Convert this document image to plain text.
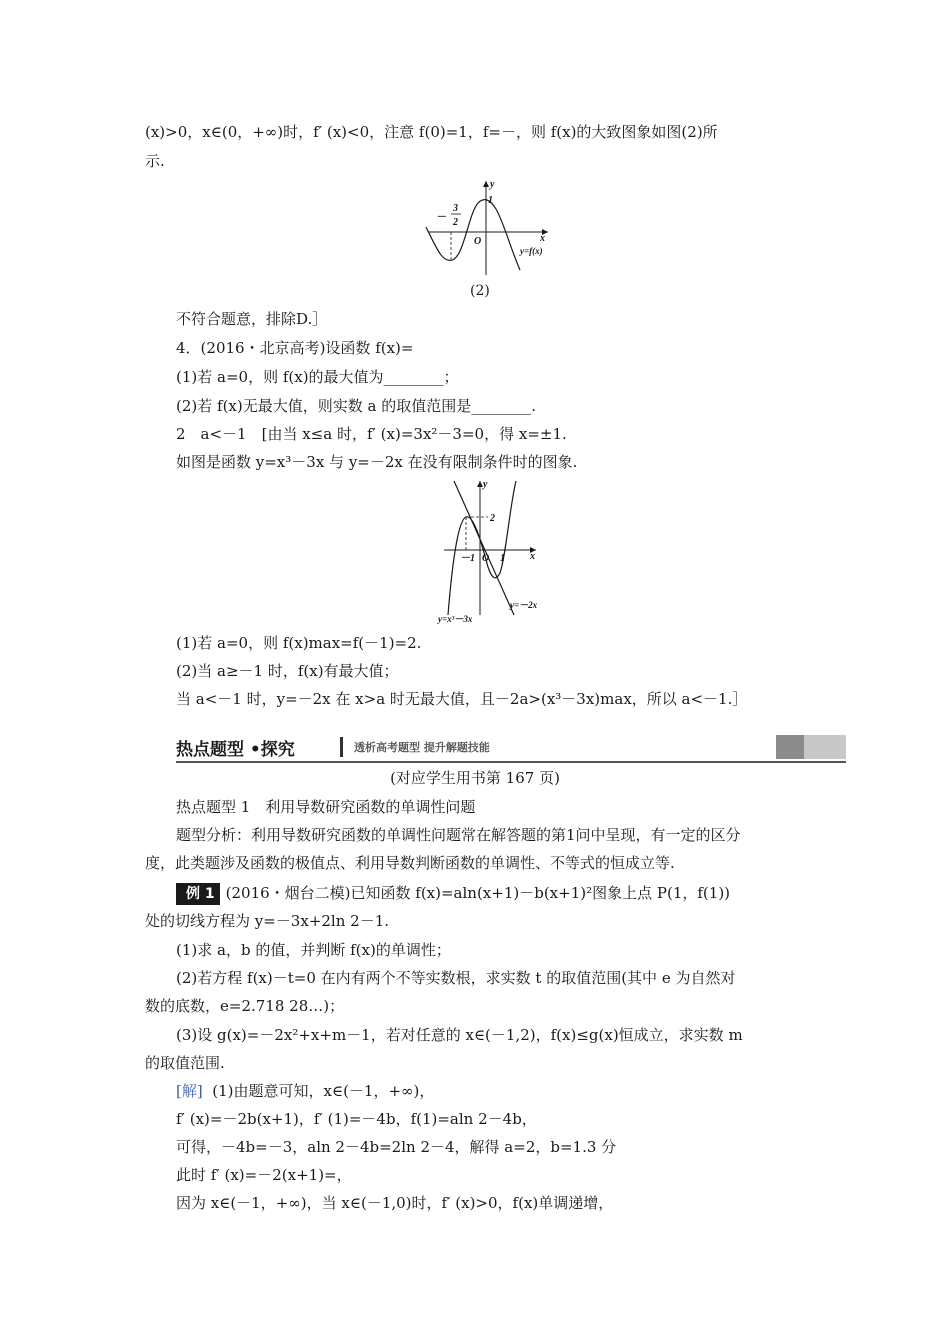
(x)>0，x∈(0，+∞)时，f′ (x)<0，注意 f(0)=1，f=－，则 f(x)的大致图象如图(2)所
示.
y
x
O
1
－
3
2
y=f(x)
(2)
不符合题意，排除D.］
4．(2016・北京高考)设函数 f(x)=
(1)若 a=0，则 f(x)的最大值为________；
(2)若 f(x)无最大值，则实数 a 的取值范围是________.
2　a<－1　[由当 x≤a 时，f′ (x)=3x²－3=0，得 x=±1.
如图是函数 y=x³－3x 与 y=－2x 在没有限制条件时的图象.
y
x
O
2
－1	1
y=x³－3x
y=－2x
(1)若 a=0，则 f(x)max=f(－1)=2.
(2)当 a≥－1 时，f(x)有最大值；
当 a<－1 时，y=－2x 在 x>a 时无最大值，且－2a>(x³－3x)max，所以 a<－1.］
热点题型 •探究	透析高考题型 提升解题技能
(对应学生用书第 167 页)
热点题型 1　利用导数研究函数的单调性问题
题型分析：利用导数研究函数的单调性问题常在解答题的第1问中呈现，有一定的区分
度，此类题涉及函数的极值点、利用导数判断函数的单调性、不等式的恒成立等.
例 1 (2016・烟台二模)已知函数 f(x)=aln(x+1)－b(x+1)²图象上点 P(1，f(1))
处的切线方程为 y=－3x+2ln 2－1.
(1)求 a，b 的值，并判断 f(x)的单调性；
(2)若方程 f(x)－t=0 在内有两个不等实数根，求实数 t 的取值范围(其中 e 为自然对
数的底数，e=2.718 28…)；
(3)设 g(x)=－2x²+x+m－1，若对任意的 x∈(－1,2)，f(x)≤g(x)恒成立，求实数 m
的取值范围.
[解] (1)由题意可知，x∈(－1，+∞)，
f′ (x)=－2b(x+1)，f′ (1)=－4b，f(1)=aln 2－4b，
可得，－4b=－3，aln 2－4b=2ln 2－4，解得 a=2，b=1.3 分
此时 f′ (x)=－2(x+1)=，
因为 x∈(－1，+∞)，当 x∈(－1,0)时，f′ (x)>0，f(x)单调递增，
